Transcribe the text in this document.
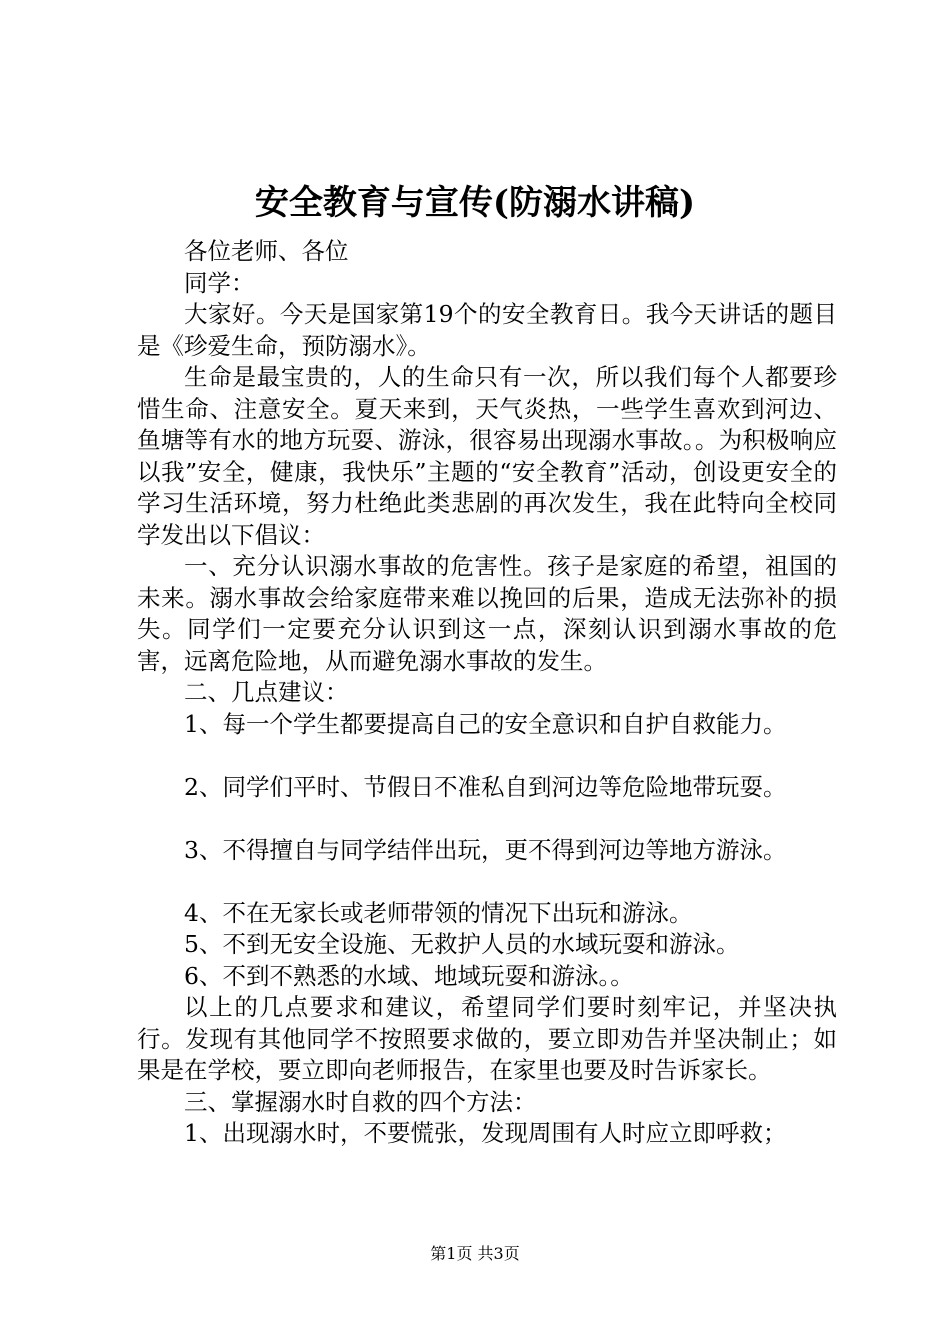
安全教育与宣传(防溺水讲稿)

各位老师、各位

同学：

大家好。今天是国家第19个的安全教育日。我今天讲话的题目是《珍爱生命，预防溺水》。

生命是最宝贵的，人的生命只有一次，所以我们每个人都要珍惜生命、注意安全。夏天来到，天气炎热，一些学生喜欢到河边、鱼塘等有水的地方玩耍、游泳，很容易出现溺水事故。。为积极响应以我”安全，健康，我快乐”主题的“安全教育”活动，创设更安全的学习生活环境，努力杜绝此类悲剧的再次发生，我在此特向全校同学发出以下倡议：

一、充分认识溺水事故的危害性。孩子是家庭的希望，祖国的未来。溺水事故会给家庭带来难以挽回的后果，造成无法弥补的损失。同学们一定要充分认识到这一点，深刻认识到溺水事故的危害，远离危险地，从而避免溺水事故的发生。

二、几点建议：

1、每一个学生都要提高自己的安全意识和自护自救能力。

2、同学们平时、节假日不准私自到河边等危险地带玩耍。

3、不得擅自与同学结伴出玩，更不得到河边等地方游泳。

4、不在无家长或老师带领的情况下出玩和游泳。

5、不到无安全设施、无救护人员的水域玩耍和游泳。

6、不到不熟悉的水域、地域玩耍和游泳。。

以上的几点要求和建议，希望同学们要时刻牢记，并坚决执行。发现有其他同学不按照要求做的，要立即劝告并坚决制止；如果是在学校，要立即向老师报告，在家里也要及时告诉家长。

三、掌握溺水时自救的四个方法：

1、出现溺水时，不要慌张，发现周围有人时应立即呼救；

第1页 共3页
